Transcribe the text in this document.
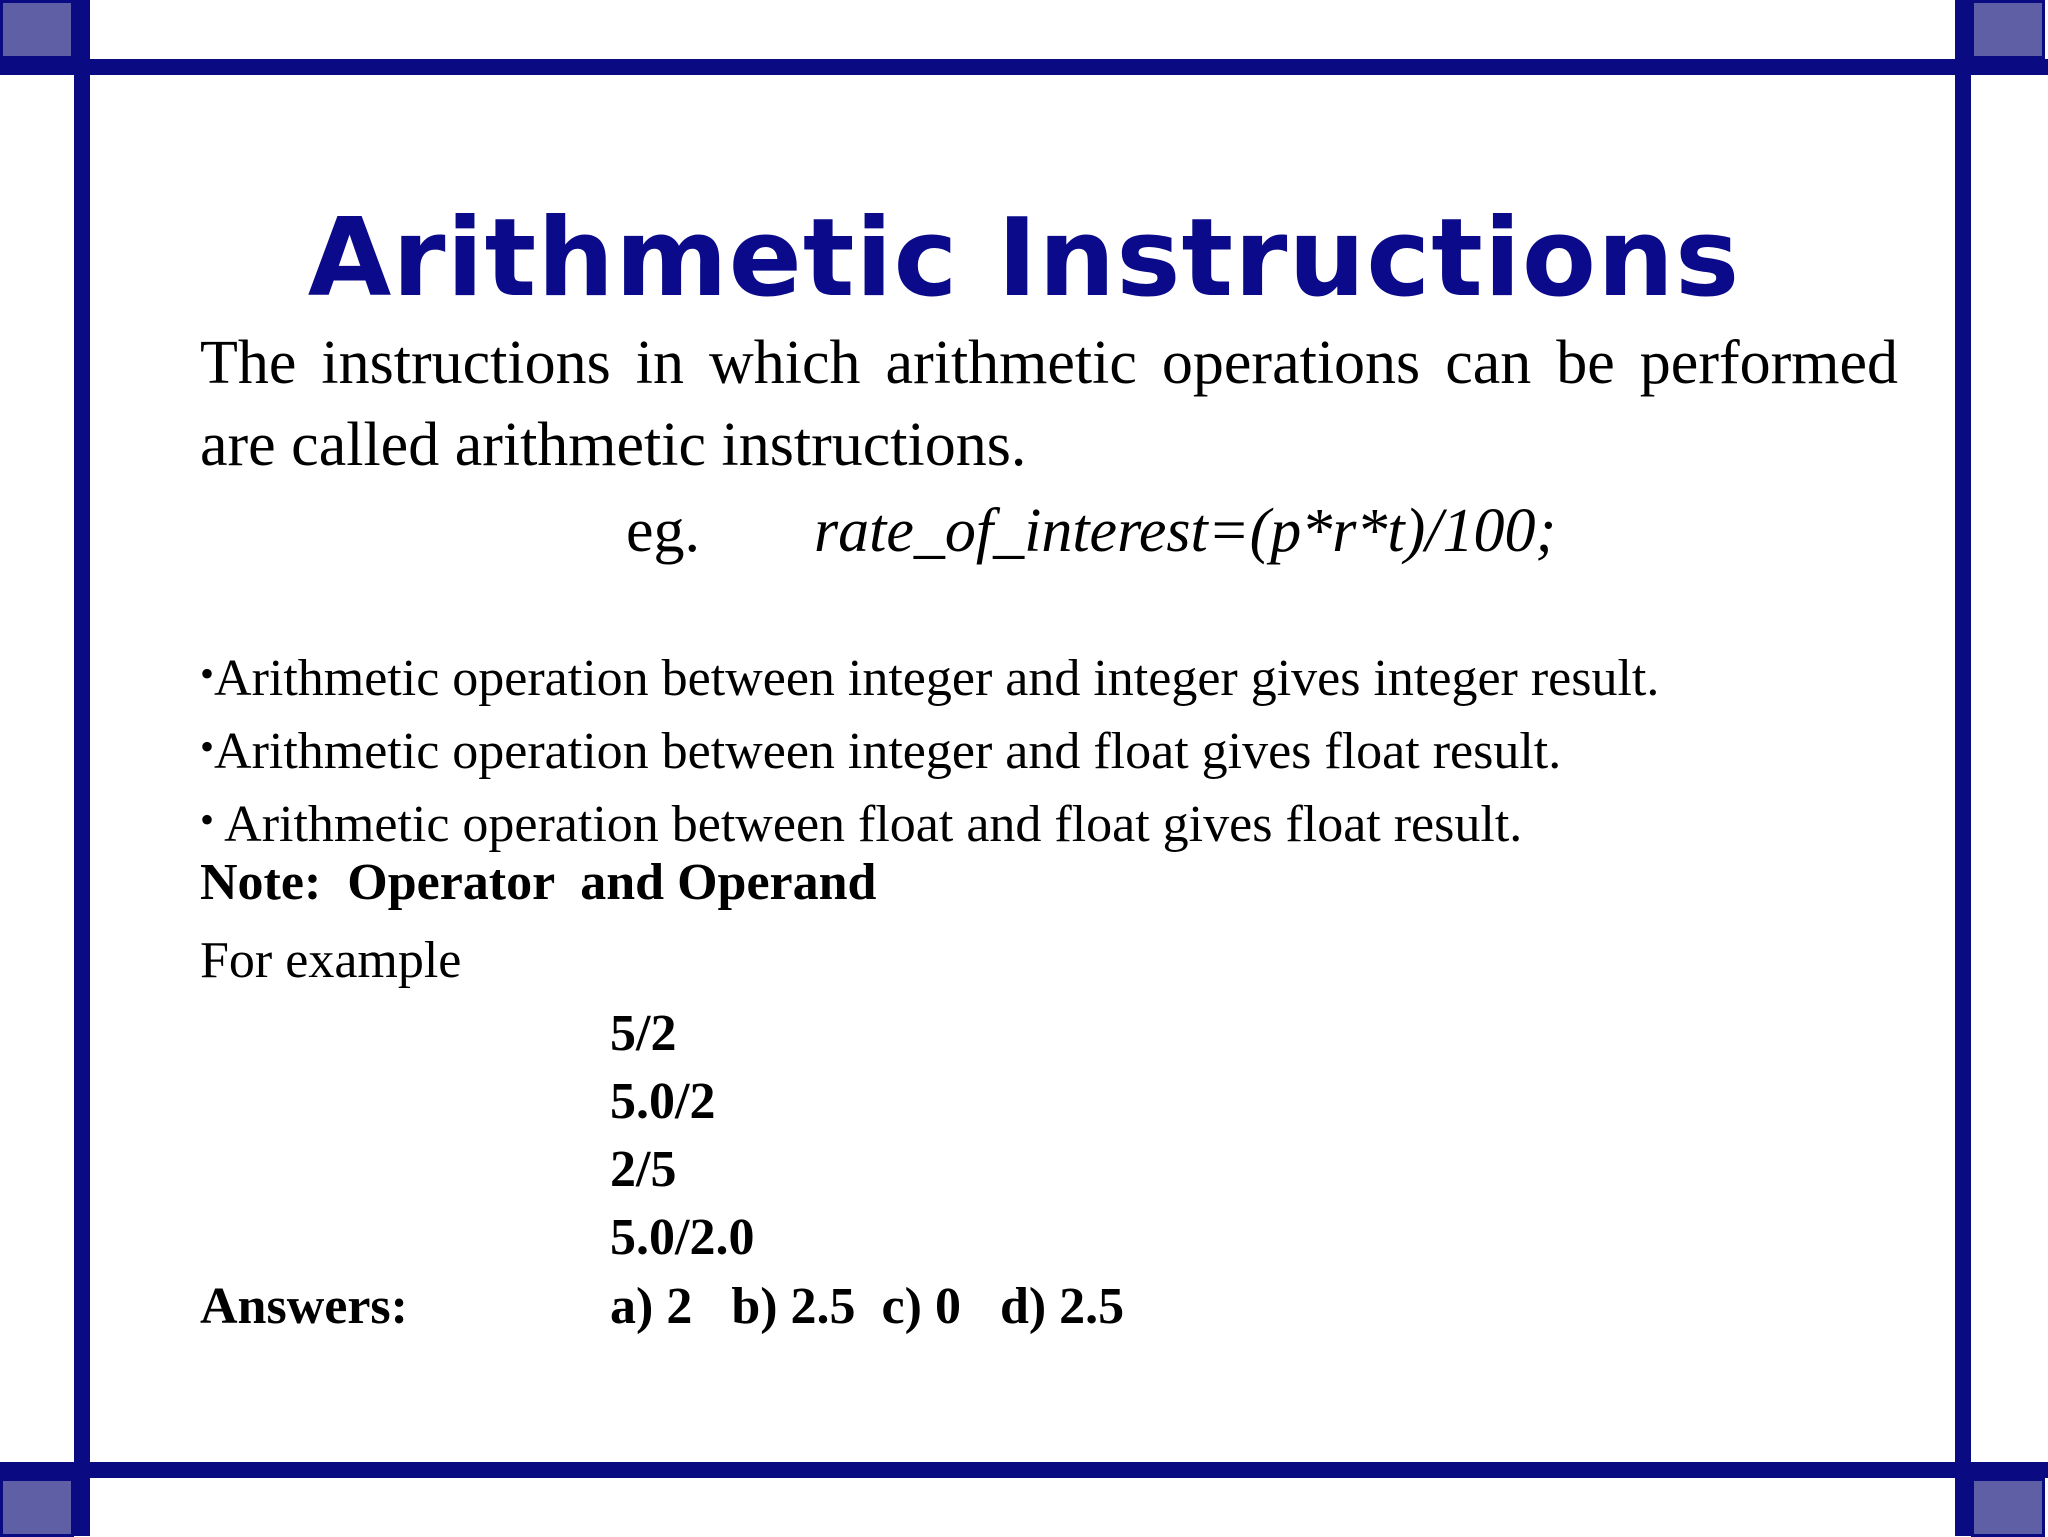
Arithmetic Instructions
The instructions in which arithmetic operations can be performed are called arithmetic instructions.
eg. rate_of_interest=(p*r*t)/100;
•Arithmetic operation between integer and integer gives integer result.
•Arithmetic operation between integer and float gives float result.
• Arithmetic operation between float and float gives float result.
Note:  Operator  and Operand
For example
5/2
5.0/2
2/5
5.0/2.0
Answers:	a) 2   b) 2.5  c) 0   d) 2.5
